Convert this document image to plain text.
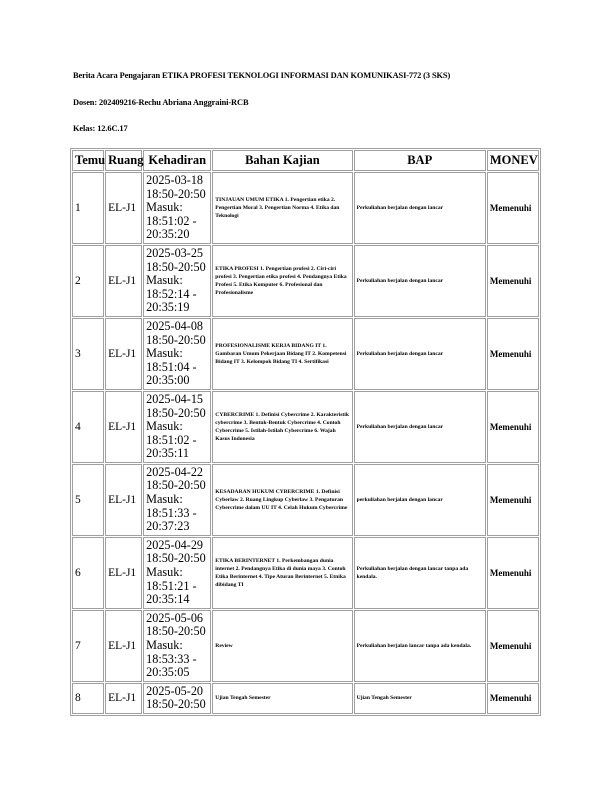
Berita Acara Pengajaran ETIKA PROFESI TEKNOLOGI INFORMASI DAN KOMUNIKASI-772 (3 SKS)
Dosen: 202409216-Rechu Abriana Anggraini-RCB
Kelas: 12.6C.17
Temu	Ruang	Kehadiran	Bahan Kajian	BAP	MONEV
1	EL-J1	2025-03-18 18:50-20:50 Masuk: 18:51:02 - 20:35:20	TINJAUAN UMUM ETIKA 1. Pengertian etika 2. Pengertian Moral 3. Pengertian Norma 4. Etika dan Teknologi	Perkuliahan berjalan dengan lancar	Memenuhi
2	EL-J1	2025-03-25 18:50-20:50 Masuk: 18:52:14 - 20:35:19	ETIKA PROFESI 1. Pengertian profesi 2. Ciri-ciri profesi 3. Pengertian etika profesi 4. Pendangnya Etika Profesi 5. Etika Komputer 6. Profesional dan Profesionalisme	Perkuliahan berjalan dengan lancar	Memenuhi
3	EL-J1	2025-04-08 18:50-20:50 Masuk: 18:51:04 - 20:35:00	PROFESIONALISME KERJA BIDANG IT 1. Gambaran Umum Pekerjaan Bidang IT 2. Kompetensi Bidang IT 3. Kelompok Bidang TI 4. Sertifikasi	Perkuliahan berjalan dengan lancar	Memenuhi
4	EL-J1	2025-04-15 18:50-20:50 Masuk: 18:51:02 - 20:35:11	CYBERCRIME 1. Definisi Cybercrime 2. Karakteristik cybercrime 3. Bentuk-Bentuk Cybercrime 4. Contoh Cybercrime 5. Istilah-Istilah Cybercrime 6. Wajah Kasus Indonesia	Perkuliahan berjalan dengan lancar	Memenuhi
5	EL-J1	2025-04-22 18:50-20:50 Masuk: 18:51:33 - 20:37:23	KESADARAN HUKUM CYBERCRIME 1. Definisi Cyberlaw 2. Ruang Lingkup Cyberlaw 3. Pengaturan Cybercrime dalam UU IT 4. Celah Hukum Cybercrime	perkuliahan berjalan dengan lancar	Memenuhi
6	EL-J1	2025-04-29 18:50-20:50 Masuk: 18:51:21 - 20:35:14	ETIKA BERINTERNET 1. Perkembangan dunia internet 2. Pendangnya Etika di dunia maya 3. Contoh Etika Berinternet 4. Tipe Aturan Berinternet 5. Etnika dibidang TI	Perkuliahan berjalan dengan lancar tanpa ada kendala.	Memenuhi
7	EL-J1	2025-05-06 18:50-20:50 Masuk: 18:53:33 - 20:35:05	Review	Perkuliahan berjalan lancar tanpa ada kendala.	Memenuhi
8	EL-J1	2025-05-20 18:50-20:50	Ujian Tengah Semester	Ujian Tengah Semester	Memenuhi
